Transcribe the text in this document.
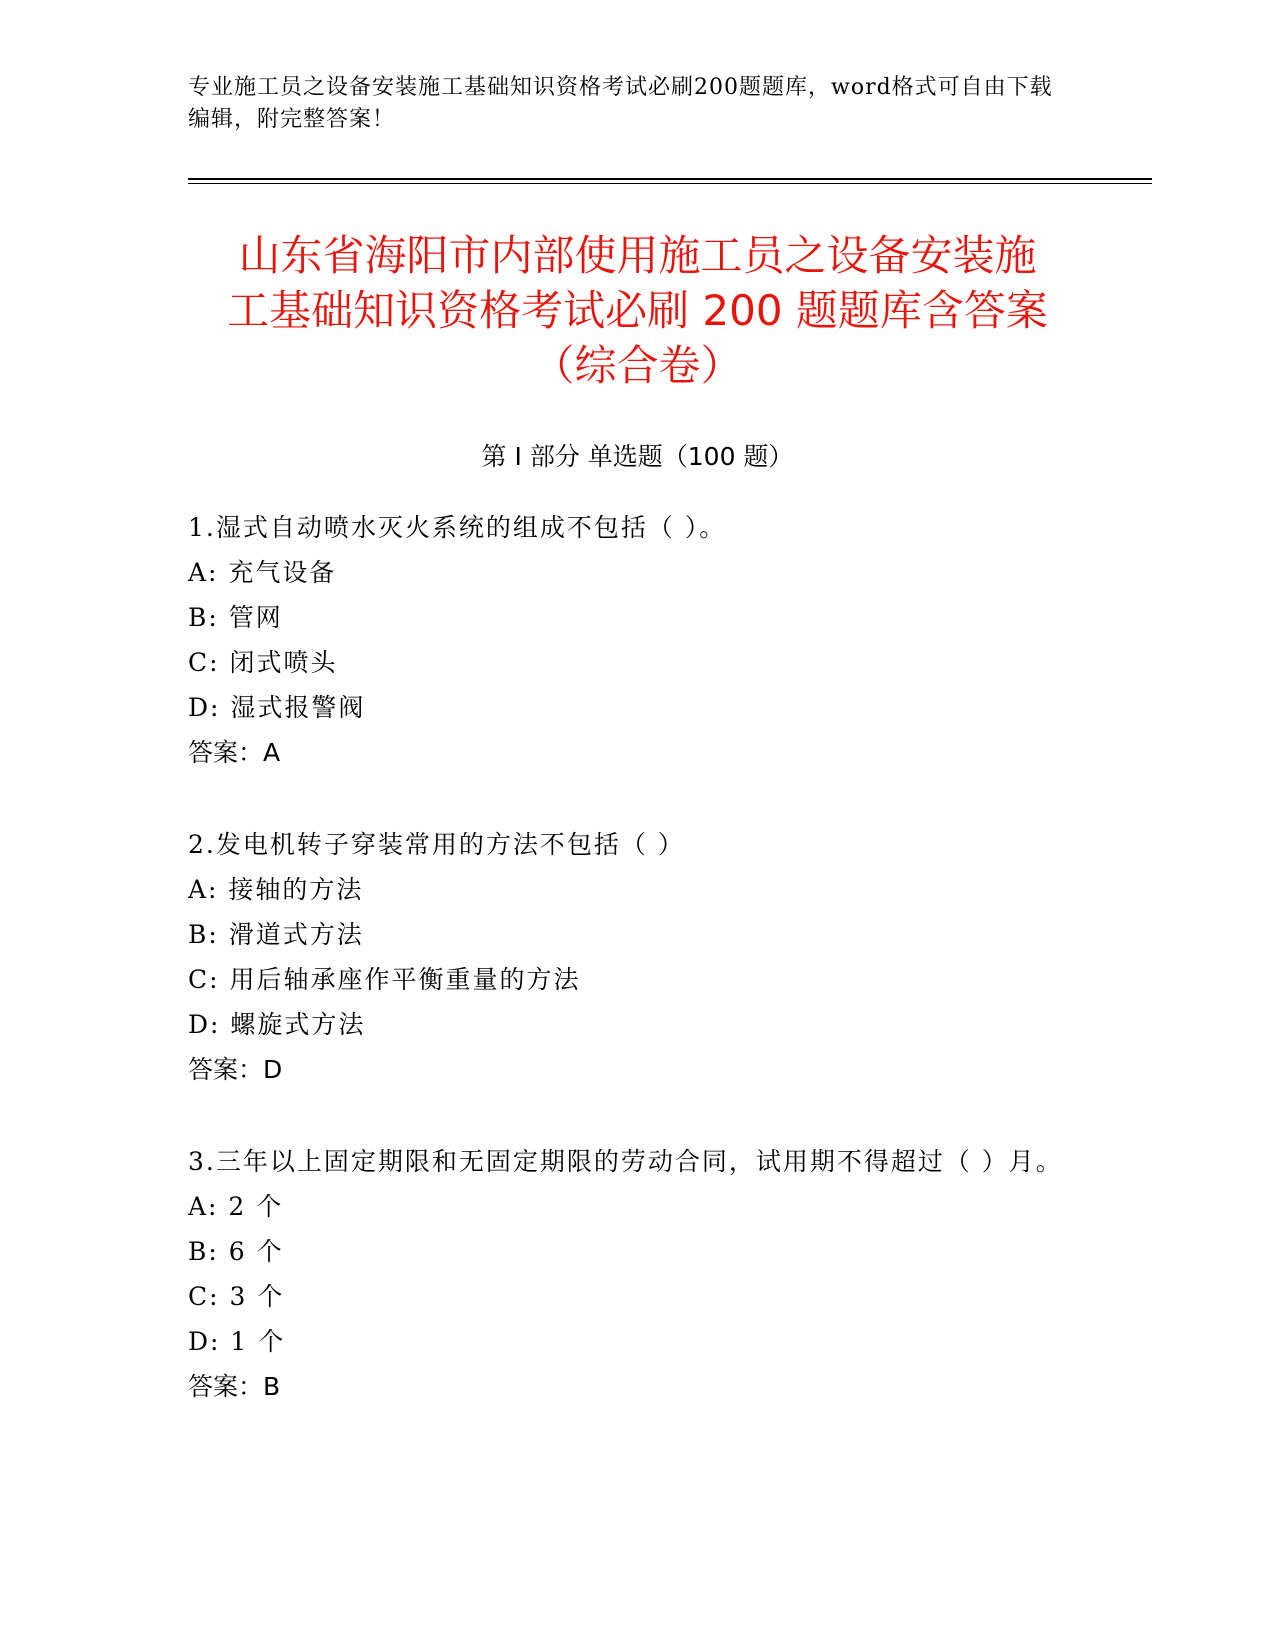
专业施工员之设备安装施工基础知识资格考试必刷200题题库，word格式可自由下载编辑，附完整答案！
山东省海阳市内部使用施工员之设备安装施
工基础知识资格考试必刷 200 题题库含答案
（综合卷）
第 I 部分 单选题（100 题）
1.湿式自动喷水灭火系统的组成不包括（ ）。
A: 充气设备
B: 管网
C: 闭式喷头
D: 湿式报警阀
答案：A
2.发电机转子穿装常用的方法不包括（ ）
A: 接轴的方法
B: 滑道式方法
C: 用后轴承座作平衡重量的方法
D: 螺旋式方法
答案：D
3.三年以上固定期限和无固定期限的劳动合同，试用期不得超过（ ）月。
A: 2 个
B: 6 个
C: 3 个
D: 1 个
答案：B
